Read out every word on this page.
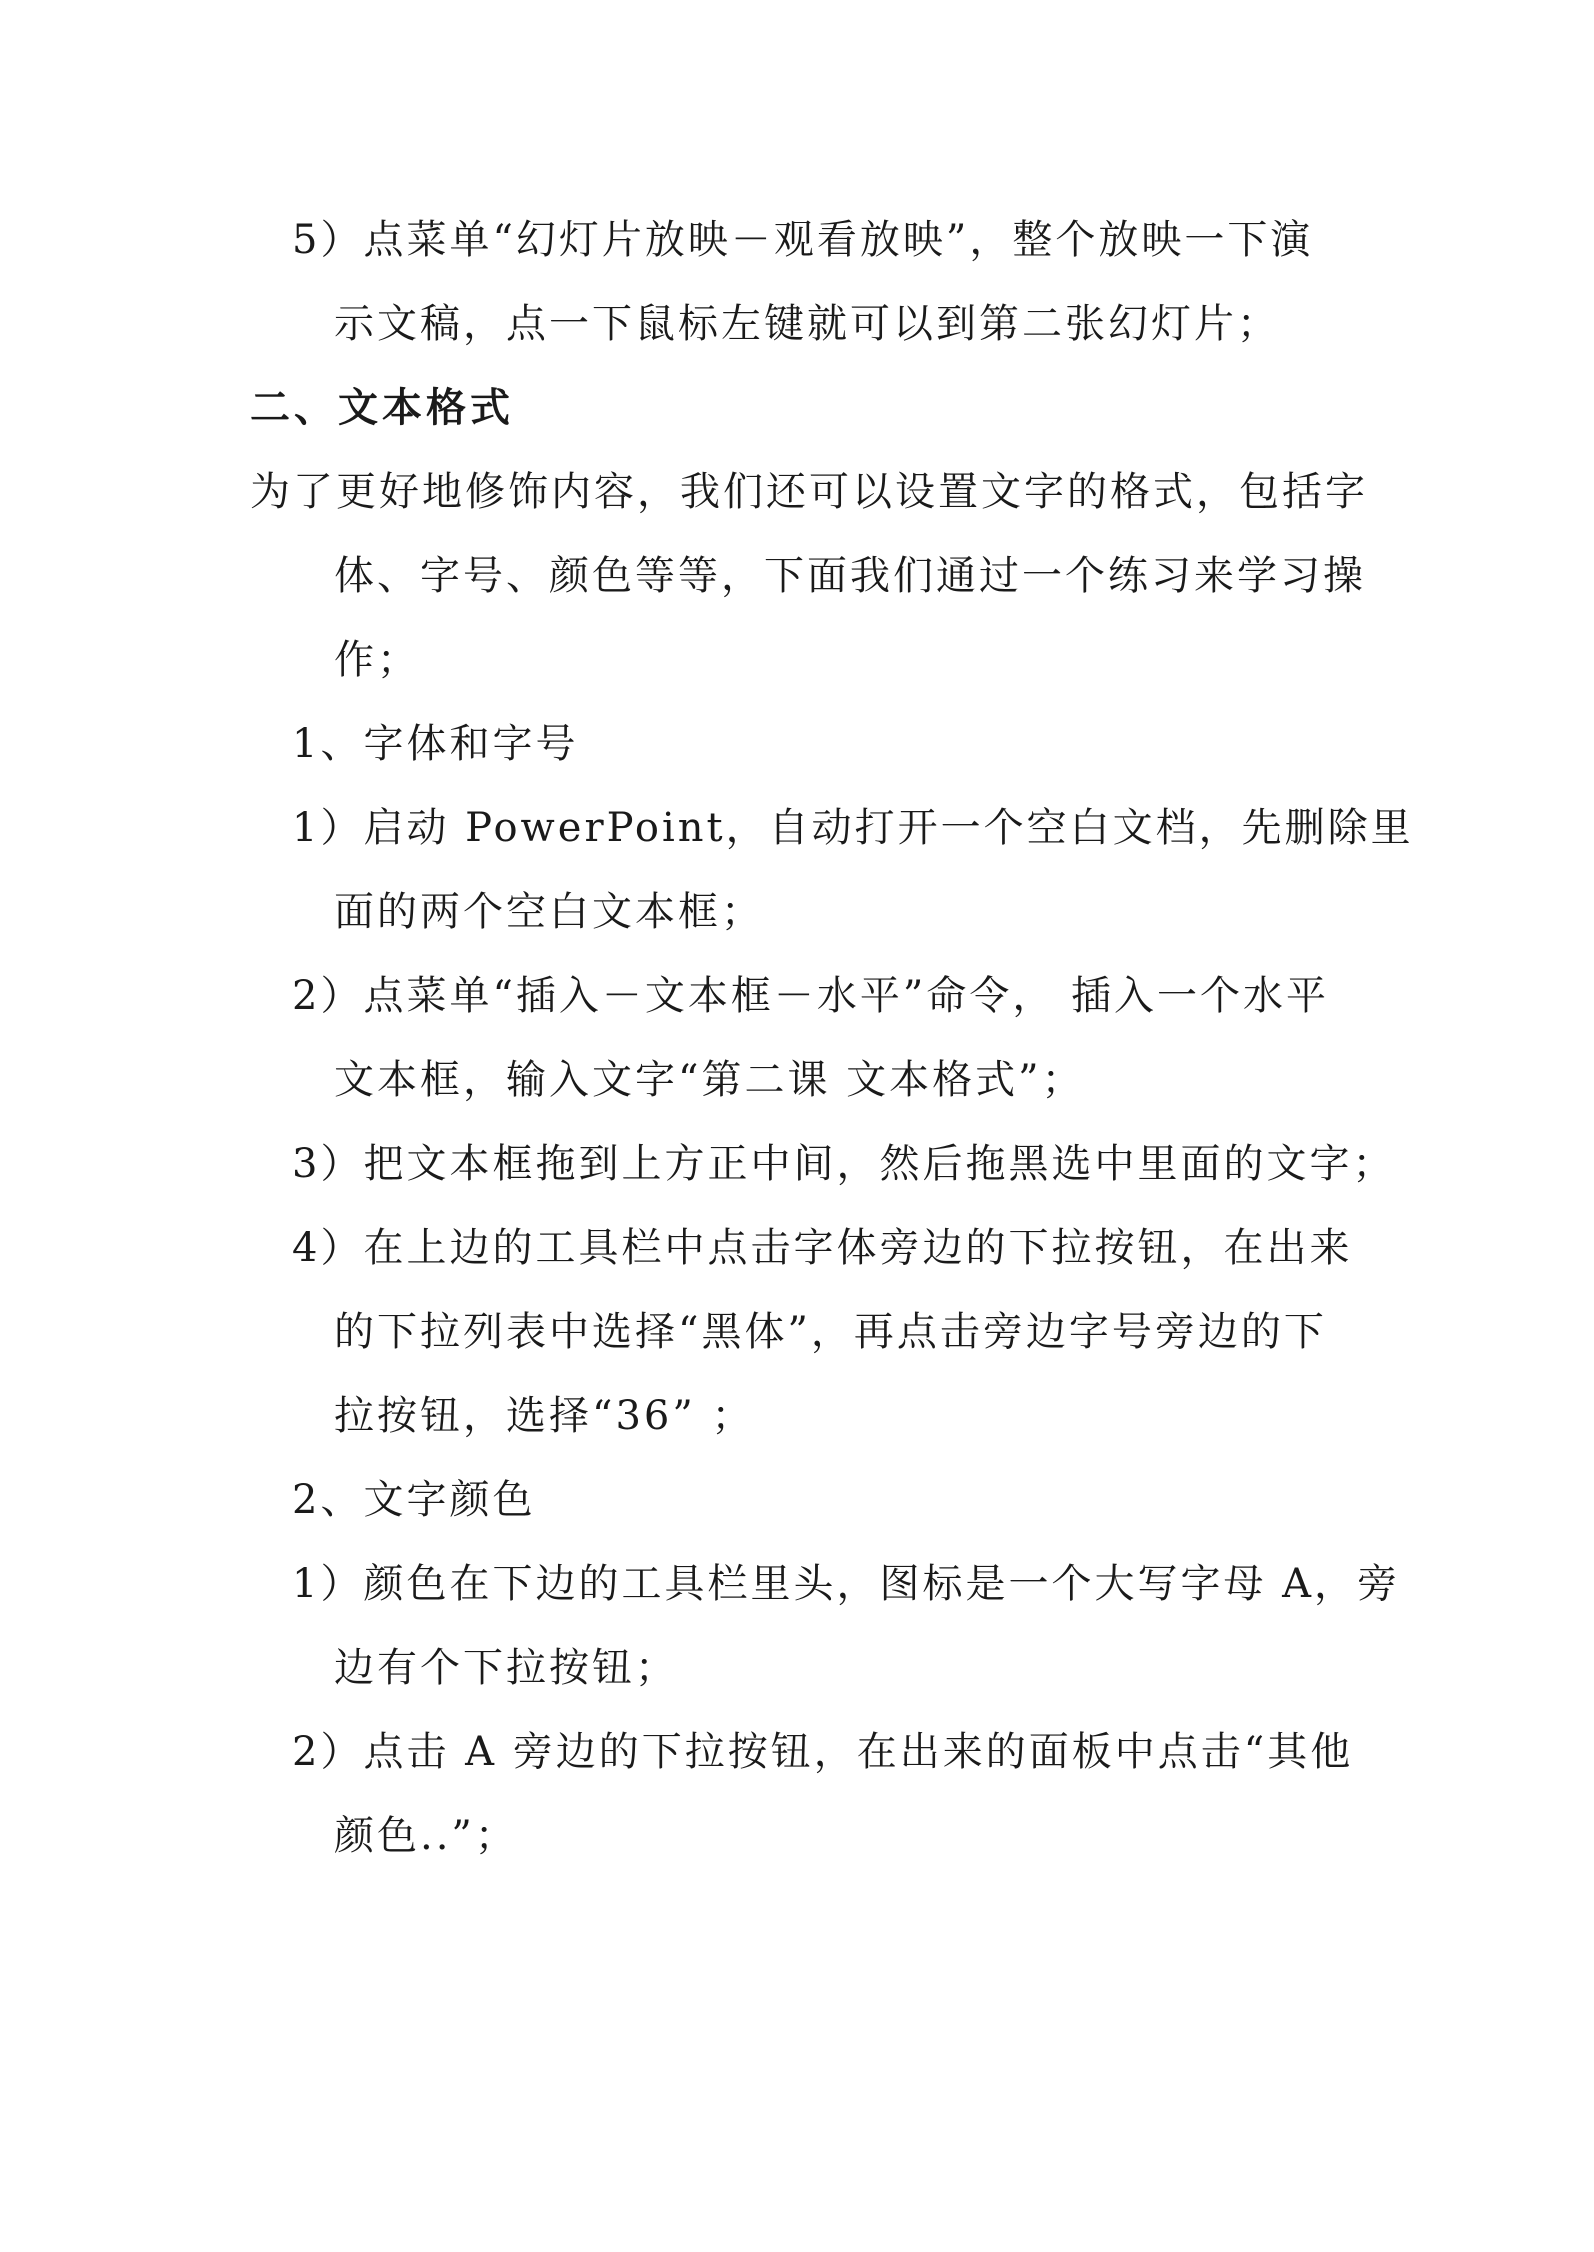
5）点菜单“幻灯片放映－观看放映”，整个放映一下演
示文稿，点一下鼠标左键就可以到第二张幻灯片；
二、文本格式
为了更好地修饰内容，我们还可以设置文字的格式，包括字
体、字号、颜色等等，下面我们通过一个练习来学习操
作；
1、字体和字号
1）启动 PowerPoint，自动打开一个空白文档，先删除里
面的两个空白文本框；
2）点菜单“插入－文本框－水平”命令， 插入一个水平
文本框，输入文字“第二课 文本格式”；
3）把文本框拖到上方正中间，然后拖黑选中里面的文字；
4）在上边的工具栏中点击字体旁边的下拉按钮，在出来
的下拉列表中选择“黑体”，再点击旁边字号旁边的下
拉按钮，选择“36” ；
2、文字颜色
1）颜色在下边的工具栏里头，图标是一个大写字母 A，旁
边有个下拉按钮；
2）点击 A 旁边的下拉按钮，在出来的面板中点击“其他
颜色..”；
